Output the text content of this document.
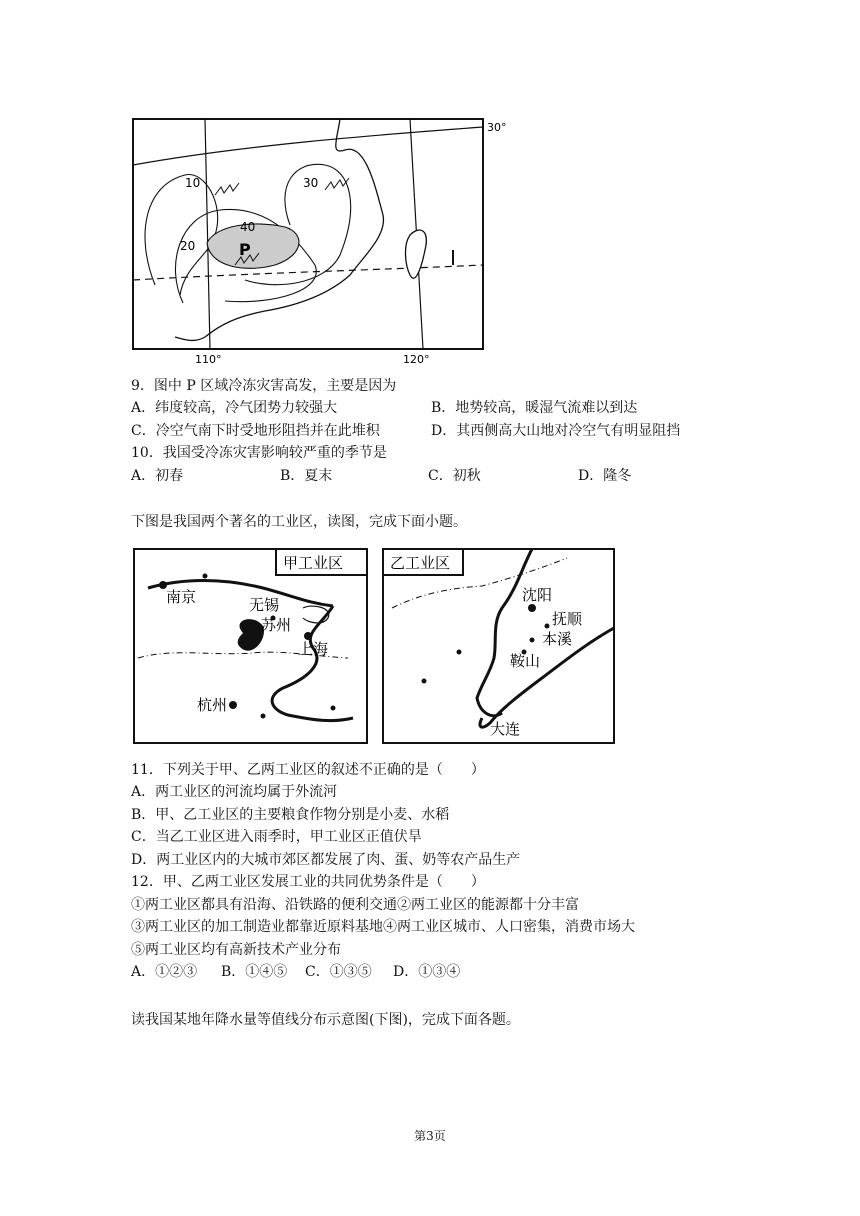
10
20
30
40
P
30°
110°	120°
9．图中 P 区域冷冻灾害高发，主要是因为
A．纬度较高，冷气团势力较强大	B．地势较高，暖湿气流难以到达
C．冷空气南下时受地形阻挡并在此堆积	D．其西侧高大山地对冷空气有明显阻挡
10．我国受冷冻灾害影响较严重的季节是
A．初春	B．夏末	C．初秋	D．隆冬
下图是我国两个著名的工业区，读图，完成下面小题。
甲工业区
南京	无锡
苏州
上海
杭州
乙工业区
沈阳
抚顺
本溪
鞍山
大连
11．下列关于甲、乙两工业区的叙述不正确的是（　　）
A．两工业区的河流均属于外流河
B．甲、乙工业区的主要粮食作物分别是小麦、水稻
C．当乙工业区进入雨季时，甲工业区正值伏旱
D．两工业区内的大城市郊区都发展了肉、蛋、奶等农产品生产
12．甲、乙两工业区发展工业的共同优势条件是（　　）
①两工业区都具有沿海、沿铁路的便利交通②两工业区的能源都十分丰富
③两工业区的加工制造业都靠近原料基地④两工业区城市、人口密集，消费市场大
⑤两工业区均有高新技术产业分布
A．①②③ B．①④⑤ C．①③⑤ D．①③④
读我国某地年降水量等值线分布示意图(下图)，完成下面各题。
第3页
